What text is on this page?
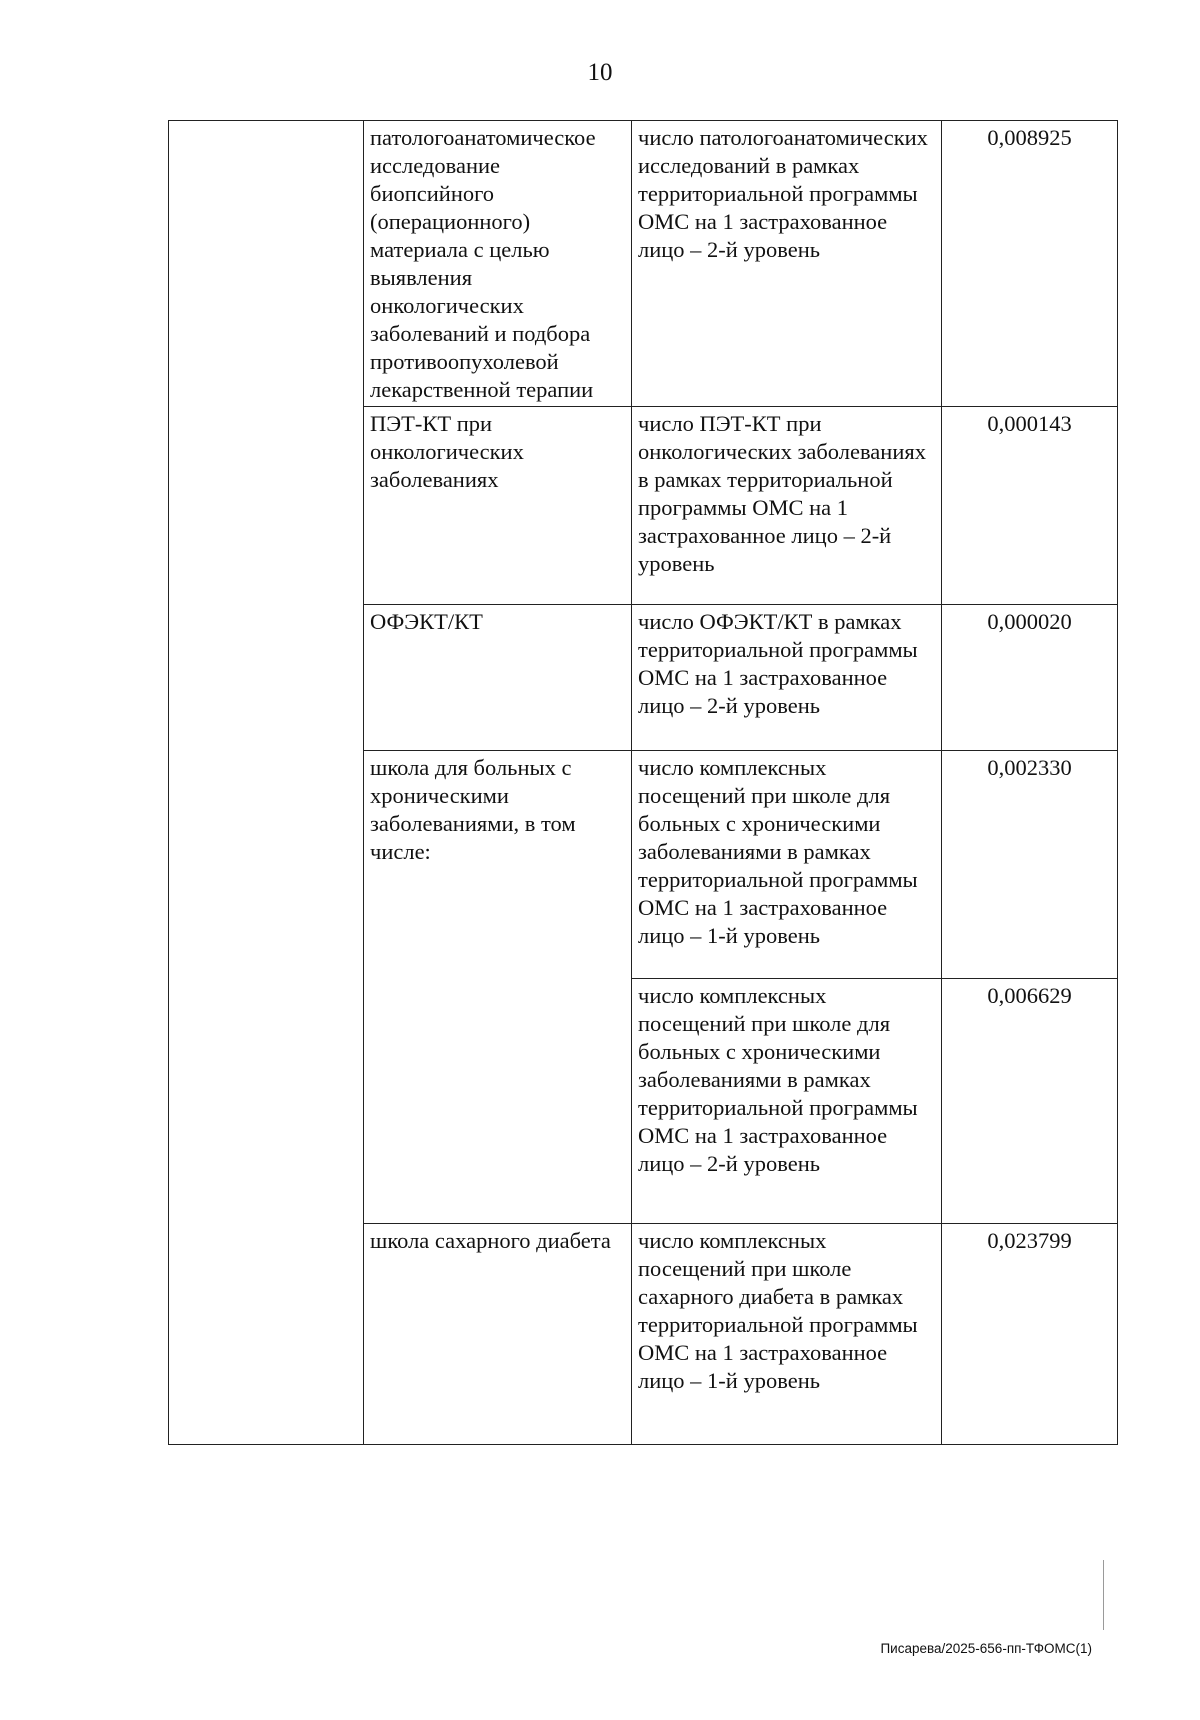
10

	патологоанатомическое исследование биопсийного (операционного) материала с целью выявления онкологических заболеваний и подбора противоопухолевой лекарственной терапии	число патологоанатомических исследований в рамках территориальной программы ОМС на 1 застрахованное лицо – 2-й уровень	0,008925

	ПЭТ-КТ при онкологических заболеваниях	число ПЭТ-КТ при онкологических заболеваниях в рамках территориальной программы ОМС на 1 застрахованное лицо – 2-й уровень	0,000143

	ОФЭКТ/КТ	число ОФЭКТ/КТ в рамках территориальной программы ОМС на 1 застрахованное лицо – 2-й уровень	0,000020

	школа для больных с хроническими заболеваниями, в том числе:	число комплексных посещений при школе для больных с хроническими заболеваниями в рамках территориальной программы ОМС на 1 застрахованное лицо – 1-й уровень	0,002330

		число комплексных посещений при школе для больных с хроническими заболеваниями в рамках территориальной программы ОМС на 1 застрахованное лицо – 2-й уровень	0,006629

	школа сахарного диабета	число комплексных посещений при школе сахарного диабета в рамках территориальной программы ОМС на 1 застрахованное лицо – 1-й уровень	0,023799
Писарева/2025-656-пп-ТФОМС(1)
